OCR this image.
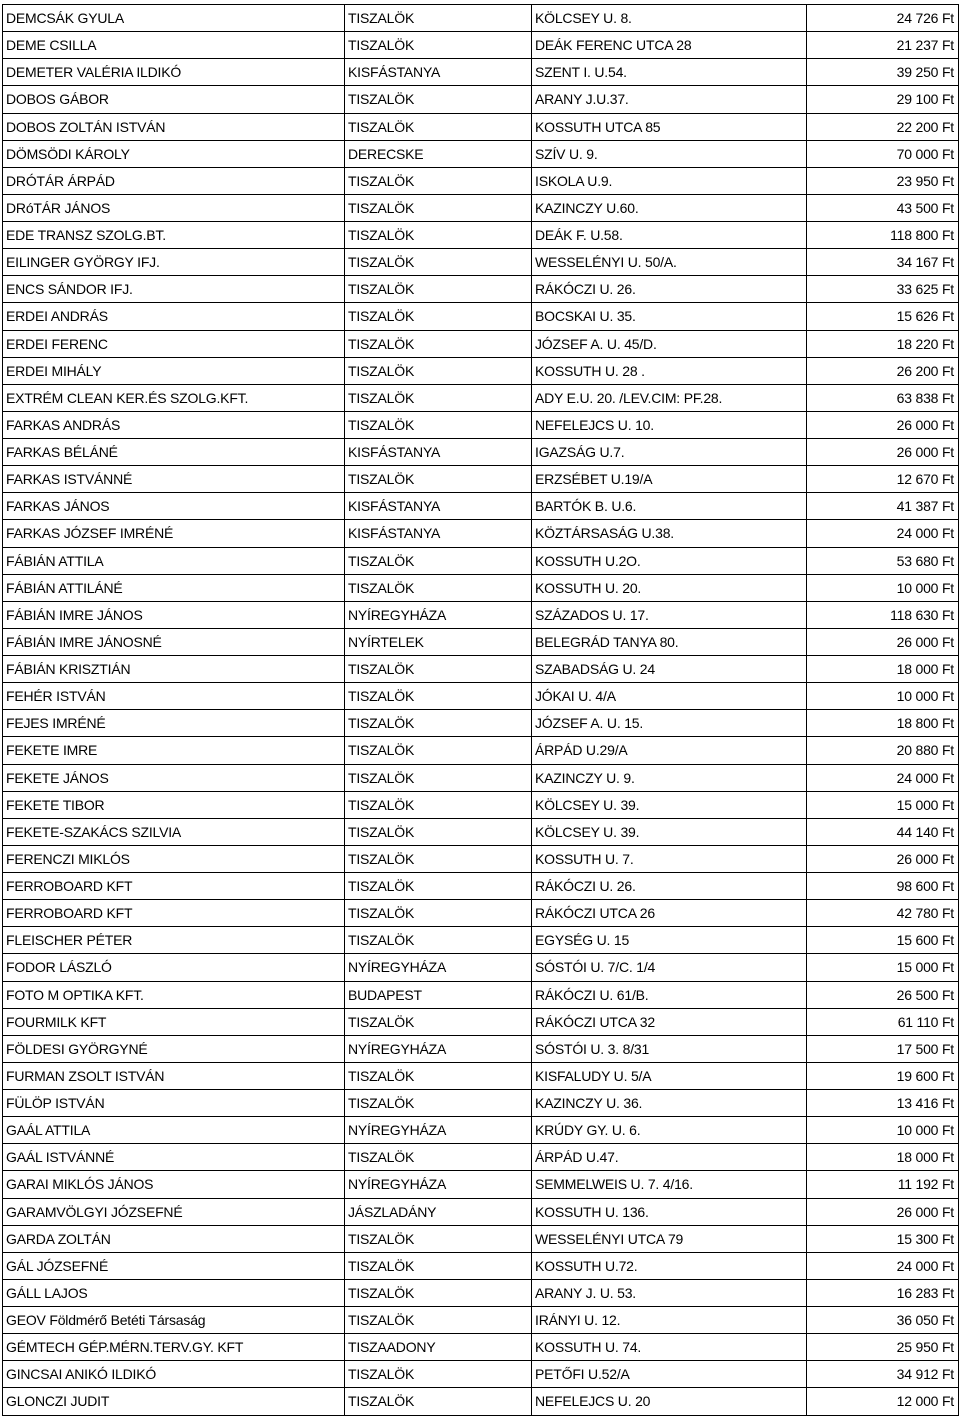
DEMCSÁK GYULA	TISZALÖK	KÖLCSEY U. 8.	24 726 Ft
DEME CSILLA	TISZALÖK	DEÁK FERENC UTCA 28	21 237 Ft
DEMETER VALÉRIA ILDIKÓ	KISFÁSTANYA	SZENT I. U.54.	39 250 Ft
DOBOS GÁBOR	TISZALÖK	ARANY J.U.37.	29 100 Ft
DOBOS ZOLTÁN ISTVÁN	TISZALÖK	KOSSUTH UTCA 85	22 200 Ft
DÖMSÖDI KÁROLY	DERECSKE	SZÍV U. 9.	70 000 Ft
DRÓTÁR ÁRPÁD	TISZALÖK	ISKOLA U.9.	23 950 Ft
DRóTÁR JÁNOS	TISZALÖK	KAZINCZY U.60.	43 500 Ft
EDE TRANSZ SZOLG.BT.	TISZALÖK	DEÁK F. U.58.	118 800 Ft
EILINGER GYÖRGY IFJ.	TISZALÖK	WESSELÉNYI U. 50/A.	34 167 Ft
ENCS SÁNDOR IFJ.	TISZALÖK	RÁKÓCZI U. 26.	33 625 Ft
ERDEI ANDRÁS	TISZALÖK	BOCSKAI U. 35.	15 626 Ft
ERDEI FERENC	TISZALÖK	JÓZSEF A. U. 45/D.	18 220 Ft
ERDEI MIHÁLY	TISZALÖK	KOSSUTH U. 28 .	26 200 Ft
EXTRÉM CLEAN KER.ÉS SZOLG.KFT.	TISZALÖK	ADY E.U. 20. /LEV.CIM: PF.28.	63 838 Ft
FARKAS ANDRÁS	TISZALÖK	NEFELEJCS U. 10.	26 000 Ft
FARKAS BÉLÁNÉ	KISFÁSTANYA	IGAZSÁG U.7.	26 000 Ft
FARKAS ISTVÁNNÉ	TISZALÖK	ERZSÉBET U.19/A	12 670 Ft
FARKAS JÁNOS	KISFÁSTANYA	BARTÓK B. U.6.	41 387 Ft
FARKAS JÓZSEF IMRÉNÉ	KISFÁSTANYA	KÖZTÁRSASÁG U.38.	24 000 Ft
FÁBIÁN ATTILA	TISZALÖK	KOSSUTH U.2O.	53 680 Ft
FÁBIÁN ATTILÁNÉ	TISZALÖK	KOSSUTH U. 20.	10 000 Ft
FÁBIÁN IMRE JÁNOS	NYÍREGYHÁZA	SZÁZADOS U. 17.	118 630 Ft
FÁBIÁN IMRE JÁNOSNÉ	NYÍRTELEK	BELEGRÁD TANYA 80.	26 000 Ft
FÁBIÁN KRISZTIÁN	TISZALÖK	SZABADSÁG U. 24	18 000 Ft
FEHÉR ISTVÁN	TISZALÖK	JÓKAI U. 4/A	10 000 Ft
FEJES IMRÉNÉ	TISZALÖK	JÓZSEF A. U. 15.	18 800 Ft
FEKETE IMRE	TISZALÖK	ÁRPÁD U.29/A	20 880 Ft
FEKETE JÁNOS	TISZALÖK	KAZINCZY U. 9.	24 000 Ft
FEKETE TIBOR	TISZALÖK	KÖLCSEY U. 39.	15 000 Ft
FEKETE-SZAKÁCS SZILVIA	TISZALÖK	KÖLCSEY U. 39.	44 140 Ft
FERENCZI MIKLÓS	TISZALÖK	KOSSUTH U. 7.	26 000 Ft
FERROBOARD KFT	TISZALÖK	RÁKÓCZI U. 26.	98 600 Ft
FERROBOARD KFT	TISZALÖK	RÁKÓCZI UTCA 26	42 780 Ft
FLEISCHER PÉTER	TISZALÖK	EGYSÉG U. 15	15 600 Ft
FODOR LÁSZLÓ	NYÍREGYHÁZA	SÓSTÓI U. 7/C. 1/4	15 000 Ft
FOTO M OPTIKA KFT.	BUDAPEST	RÁKÓCZI U. 61/B.	26 500 Ft
FOURMILK KFT	TISZALÖK	RÁKÓCZI UTCA 32	61 110 Ft
FÖLDESI GYÖRGYNÉ	NYÍREGYHÁZA	SÓSTÓI U. 3. 8/31	17 500 Ft
FURMAN ZSOLT ISTVÁN	TISZALÖK	KISFALUDY U. 5/A	19 600 Ft
FÜLÖP ISTVÁN	TISZALÖK	KAZINCZY U. 36.	13 416 Ft
GAÁL ATTILA	NYÍREGYHÁZA	KRÚDY GY. U. 6.	10 000 Ft
GAÁL ISTVÁNNÉ	TISZALÖK	ÁRPÁD U.47.	18 000 Ft
GARAI MIKLÓS JÁNOS	NYÍREGYHÁZA	SEMMELWEIS U. 7. 4/16.	11 192 Ft
GARAMVÖLGYI JÓZSEFNÉ	JÁSZLADÁNY	KOSSUTH U. 136.	26 000 Ft
GARDA ZOLTÁN	TISZALÖK	WESSELÉNYI UTCA 79	15 300 Ft
GÁL JÓZSEFNÉ	TISZALÖK	KOSSUTH U.72.	24 000 Ft
GÁLL LAJOS	TISZALÖK	ARANY J. U. 53.	16 283 Ft
GEOV Földmérő Betéti Társaság	TISZALÖK	IRÁNYI U. 12.	36 050 Ft
GÉMTECH GÉP.MÉRN.TERV.GY. KFT	TISZAADONY	KOSSUTH U. 74.	25 950 Ft
GINCSAI ANIKÓ ILDIKÓ	TISZALÖK	PETŐFI U.52/A	34 912 Ft
GLONCZI JUDIT	TISZALÖK	NEFELEJCS U. 20	12 000 Ft
